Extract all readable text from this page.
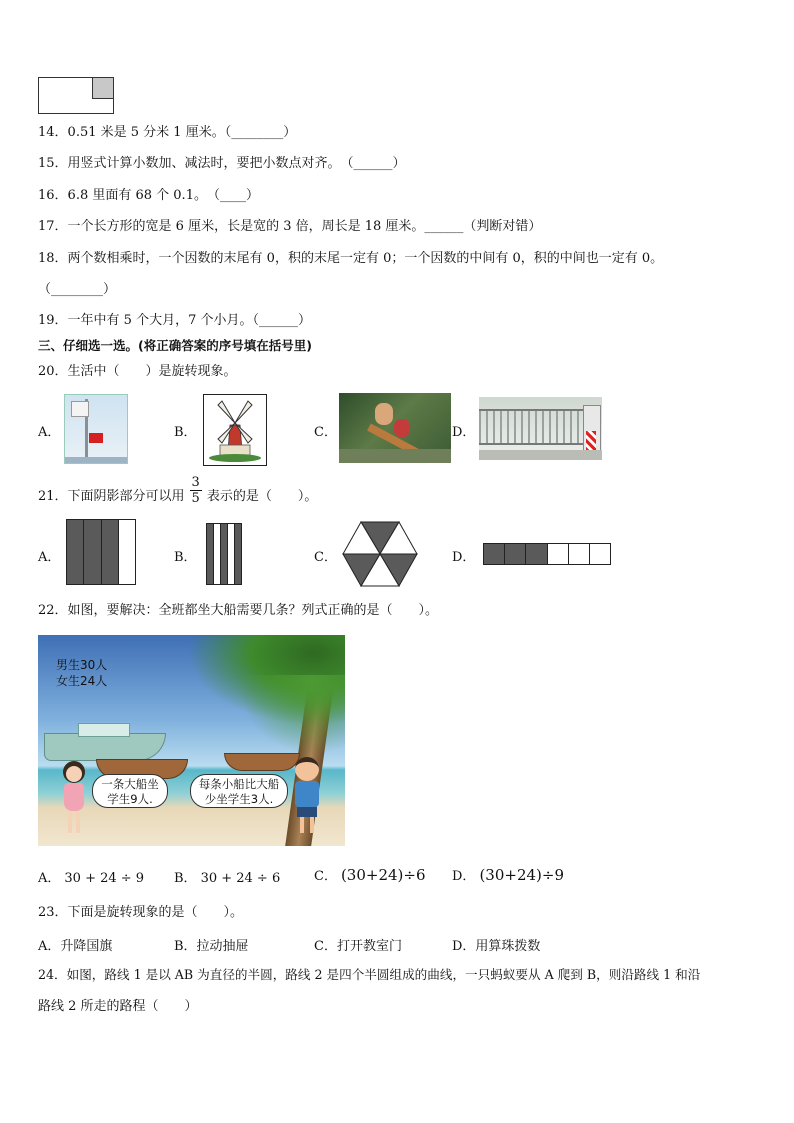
14．0.51 米是 5 分米 1 厘米。（________）
15．用竖式计算小数加、减法时，要把小数点对齐。　（______）
16．6.8 里面有 68 个 0.1。　（____）
17．一个长方形的宽是 6 厘米，长是宽的 3 倍，周长是 18 厘米。______（判断对错）
18．两个数相乘时，一个因数的末尾有 0，积的末尾一定有 0；一个因数的中间有 0，积的中间也一定有 0。
（________）
19．一年中有 5 个大月，7 个小月。（______）
三、仔细选一选。(将正确答案的序号填在括号里)
20．生活中（　　）是旋转现象。
A．	B．	C．	D．
21．下面阴影部分可以用 $\frac{3}{5}$ 表示的是（　　）。
A．	B．	C．	D．
22．如图，要解决：全班都坐大船需要几条？列式正确的是（　　）。
男生30人
女生24人
一条大船坐
学生9人.
每条小船比大船
少坐学生3人.
A． 30 + 24 ÷ 9 B． 30 + 24 ÷ 6	C． (30+24)÷6 D． (30+24)÷9
23．下面是旋转现象的是（　　）。
A．升降国旗	B．拉动抽屉	C．打开教室门	D．用算珠拨数
24．如图，路线 1 是以 AB 为直径的半圆，路线 2 是四个半圆组成的曲线，一只蚂蚁要从 A 爬到 B，则沿路线 1 和沿
路线 2 所走的路程（　　）
